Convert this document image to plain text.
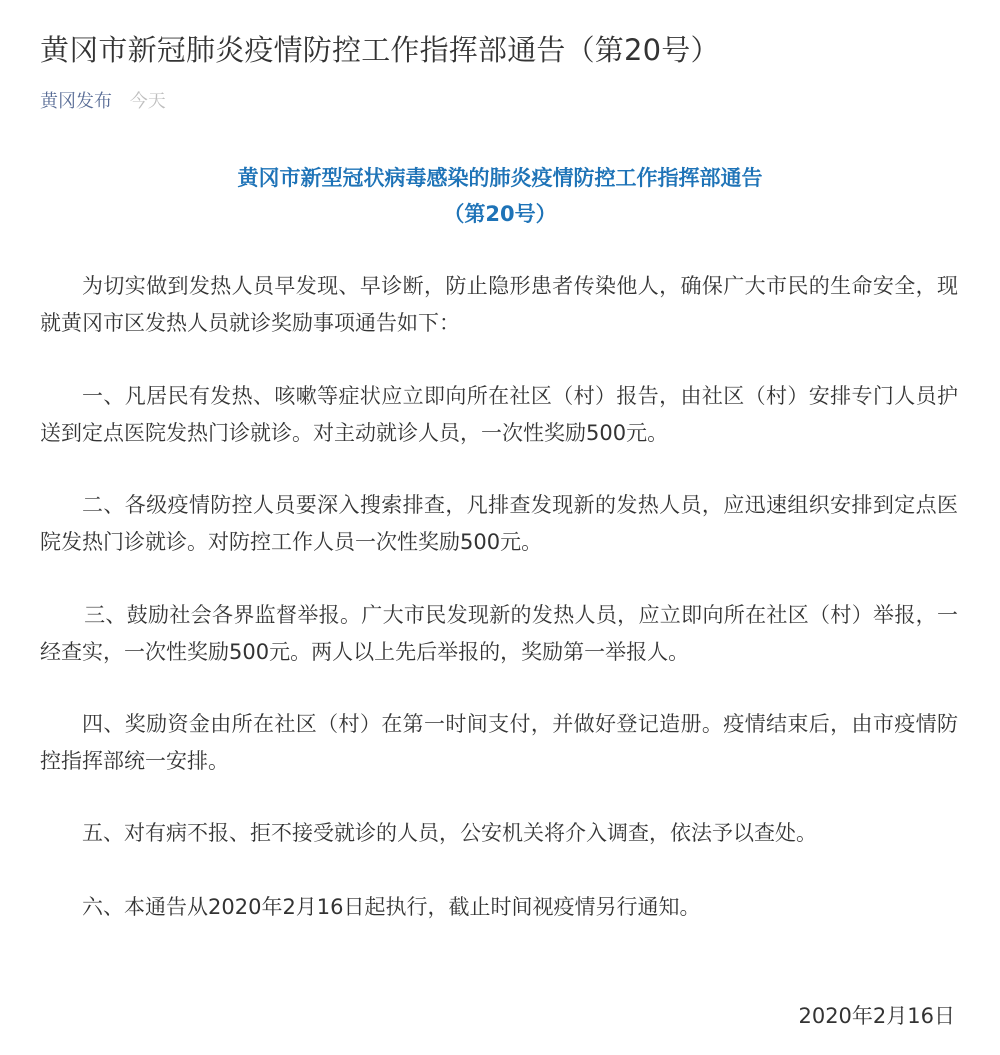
黄冈市新冠肺炎疫情防控工作指挥部通告（第20号）
黄冈发布 今天
黄冈市新型冠状病毒感染的肺炎疫情防控工作指挥部通告
（第20号）

为切实做到发热人员早发现、早诊断，防止隐形患者传染他人，确保广大市民的生命安全，现就黄冈市区发热人员就诊奖励事项通告如下：

一、凡居民有发热、咳嗽等症状应立即向所在社区（村）报告，由社区（村）安排专门人员护送到定点医院发热门诊就诊。对主动就诊人员，一次性奖励500元。

二、各级疫情防控人员要深入搜索排查，凡排查发现新的发热人员，应迅速组织安排到定点医院发热门诊就诊。对防控工作人员一次性奖励500元。

三、鼓励社会各界监督举报。广大市民发现新的发热人员，应立即向所在社区（村）举报，一经查实，一次性奖励500元。两人以上先后举报的，奖励第一举报人。

四、奖励资金由所在社区（村）在第一时间支付，并做好登记造册。疫情结束后，由市疫情防控指挥部统一安排。

五、对有病不报、拒不接受就诊的人员，公安机关将介入调查，依法予以查处。

六、本通告从2020年2月16日起执行，截止时间视疫情另行通知。

2020年2月16日
